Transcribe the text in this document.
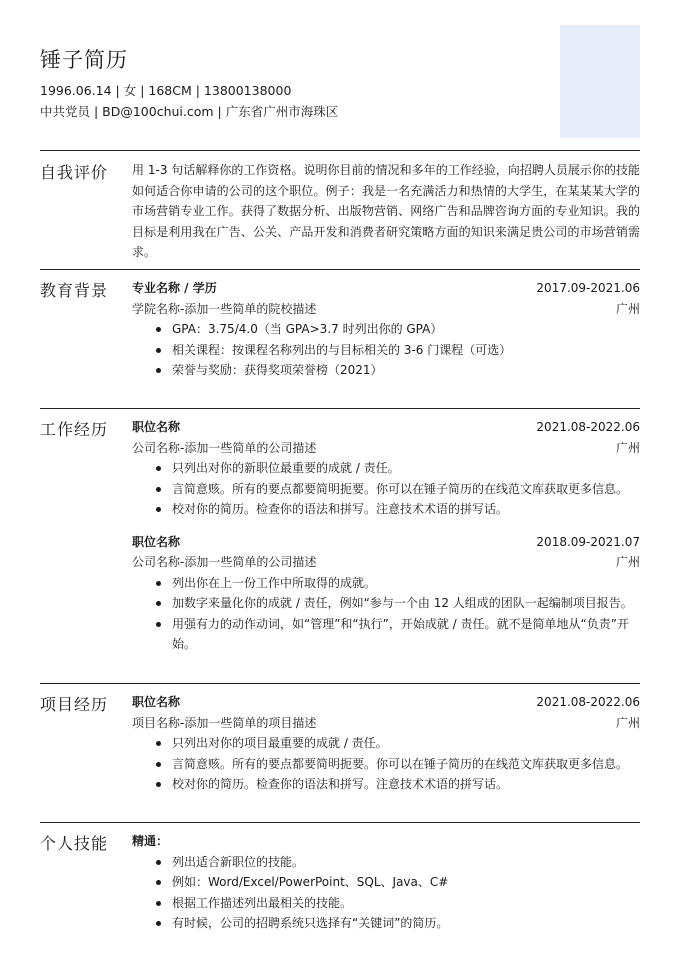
锤子简历
1996.06.14 | 女 | 168CM | 13800138000
中共党员 | BD@100chui.com | 广东省广州市海珠区
自我评价 用 1-3 句话解释你的工作资格。说明你目前的情况和多年的工作经验，向招聘人员展示你的技能如何适合你申请的公司的这个职位。例子：我是一名充满活力和热情的大学生，在某某某大学的市场营销专业工作。获得了数据分析、出版物营销、网络广告和品牌咨询方面的专业知识。我的目标是利用我在广告、公关、产品开发和消费者研究策略方面的知识来满足贵公司的市场营销需求。

教育背景 专业名称 / 学历	2017.09-2021.06
学院名称-添加一些简单的院校描述	广州
GPA：3.75/4.0（当 GPA>3.7 时列出你的 GPA）
相关课程：按课程名称列出的与目标相关的 3-6 门课程（可选）
荣誉与奖励：获得奖项荣誉榜（2021）
工作经历 职位名称	2021.08-2022.06
公司名称-添加一些简单的公司描述	广州
只列出对你的新职位最重要的成就 / 责任。
言简意赅。所有的要点都要简明扼要。你可以在锤子简历的在线范文库获取更多信息。
校对你的简历。检查你的语法和拼写。注意技术术语的拼写话。
职位名称	2018.09-2021.07
公司名称-添加一些简单的公司描述	广州
列出你在上一份工作中所取得的成就。
加数字来量化你的成就 / 责任，例如“参与一个由 12 人组成的团队一起编制项目报告。
用强有力的动作动词，如“管理”和“执行”，开始成就 / 责任。就不是简单地从“负责”开始。
项目经历 职位名称	2021.08-2022.06
项目名称-添加一些简单的项目描述	广州
只列出对你的项目最重要的成就 / 责任。
言简意赅。所有的要点都要简明扼要。你可以在锤子简历的在线范文库获取更多信息。
校对你的简历。检查你的语法和拼写。注意技术术语的拼写话。
个人技能 精通：
列出适合新职位的技能。
例如：Word/Excel/PowerPoint、SQL、Java、C#
根据工作描述列出最相关的技能。
有时候，公司的招聘系统只选择有“关键词”的简历。
